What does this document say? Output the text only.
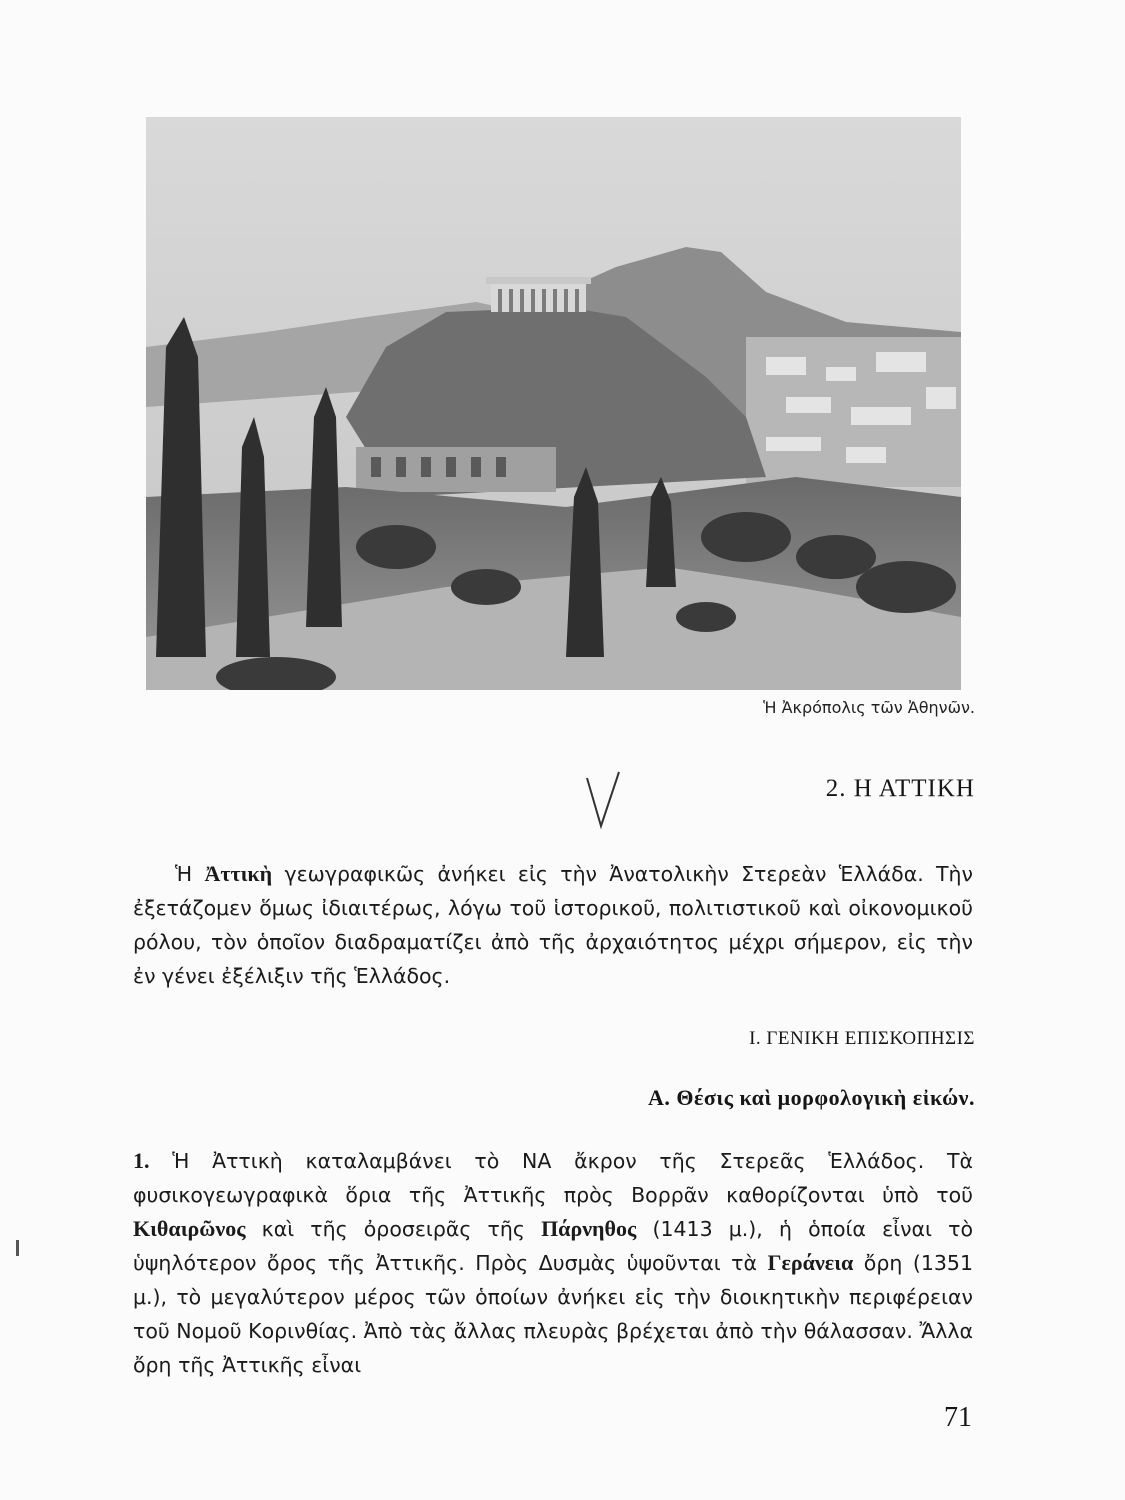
Ἡ Ἀκρόπολις τῶν Ἀθηνῶν.
2. Η ΑΤΤΙΚΗ
Ἡ Ἀττικὴ γεωγραφικῶς ἀνήκει εἰς τὴν Ἀνατολικὴν Στερεὰν Ἑλλάδα. Τὴν ἐξετάζομεν ὅμως ἰδιαιτέρως, λόγω τοῦ ἱστορικοῦ, πολιτιστικοῦ καὶ οἰκονομικοῦ ρόλου, τὸν ὁποῖον διαδραματίζει ἀπὸ τῆς ἀρχαιότητος μέχρι σήμερον, εἰς τὴν ἐν γένει ἐξέλιξιν τῆς Ἑλλάδος.
Ι. ΓΕΝΙΚΗ ΕΠΙΣΚΟΠΗΣΙΣ
Α. Θέσις καὶ μορφολογικὴ εἰκών.
1. Ἡ Ἀττικὴ καταλαμβάνει τὸ ΝΑ ἄκρον τῆς Στερεᾶς Ἑλλάδος. Τὰ φυσικογεωγραφικὰ ὅρια τῆς Ἀττικῆς πρὸς Βορρᾶν καθορίζονται ὑπὸ τοῦ Κιθαιρῶνος καὶ τῆς ὀροσειρᾶς τῆς Πάρνηθος (1413 μ.), ἡ ὁποία εἶναι τὸ ὑψηλότερον ὄρος τῆς Ἀττικῆς. Πρὸς Δυσμὰς ὑψοῦνται τὰ Γεράνεια ὄρη (1351 μ.), τὸ μεγαλύτερον μέρος τῶν ὁποίων ἀνήκει εἰς τὴν διοικητικὴν περιφέρειαν τοῦ Νομοῦ Κορινθίας. Ἀπὸ τὰς ἄλλας πλευρὰς βρέχεται ἀπὸ τὴν θάλασσαν. Ἄλλα ὄρη τῆς Ἀττικῆς εἶναι
71
